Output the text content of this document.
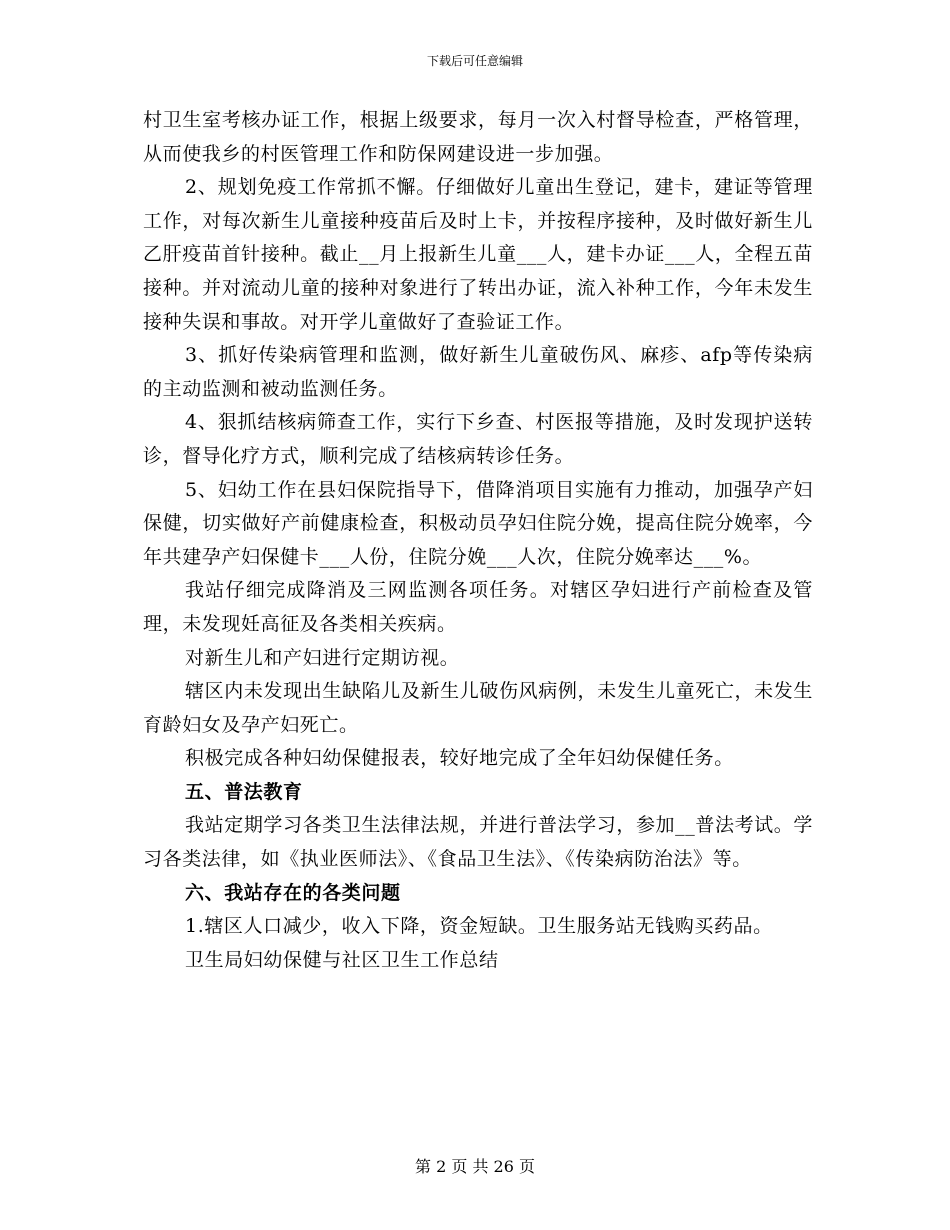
下载后可任意编辑

村卫生室考核办证工作，根据上级要求，每月一次入村督导检查，严格管理，从而使我乡的村医管理工作和防保网建设进一步加强。

2、规划免疫工作常抓不懈。仔细做好儿童出生登记，建卡，建证等管理工作，对每次新生儿童接种疫苗后及时上卡，并按程序接种，及时做好新生儿乙肝疫苗首针接种。截止__月上报新生儿童___人，建卡办证___人，全程五苗接种。并对流动儿童的接种对象进行了转出办证，流入补种工作，今年未发生接种失误和事故。对开学儿童做好了查验证工作。

3、抓好传染病管理和监测，做好新生儿童破伤风、麻疹、afp等传染病的主动监测和被动监测任务。

4、狠抓结核病筛查工作，实行下乡查、村医报等措施，及时发现护送转诊，督导化疗方式，顺利完成了结核病转诊任务。

5、妇幼工作在县妇保院指导下，借降消项目实施有力推动，加强孕产妇保健，切实做好产前健康检查，积极动员孕妇住院分娩，提高住院分娩率，今年共建孕产妇保健卡___人份，住院分娩___人次，住院分娩率达___%。

我站仔细完成降消及三网监测各项任务。对辖区孕妇进行产前检查及管理，未发现妊高征及各类相关疾病。

对新生儿和产妇进行定期访视。

辖区内未发现出生缺陷儿及新生儿破伤风病例，未发生儿童死亡，未发生育龄妇女及孕产妇死亡。

积极完成各种妇幼保健报表，较好地完成了全年妇幼保健任务。

五、普法教育

我站定期学习各类卫生法律法规，并进行普法学习，参加__普法考试。学习各类法律，如《执业医师法》、《食品卫生法》、《传染病防治法》等。

六、我站存在的各类问题

1.辖区人口减少，收入下降，资金短缺。卫生服务站无钱购买药品。

卫生局妇幼保健与社区卫生工作总结

第 2 页 共 26 页
